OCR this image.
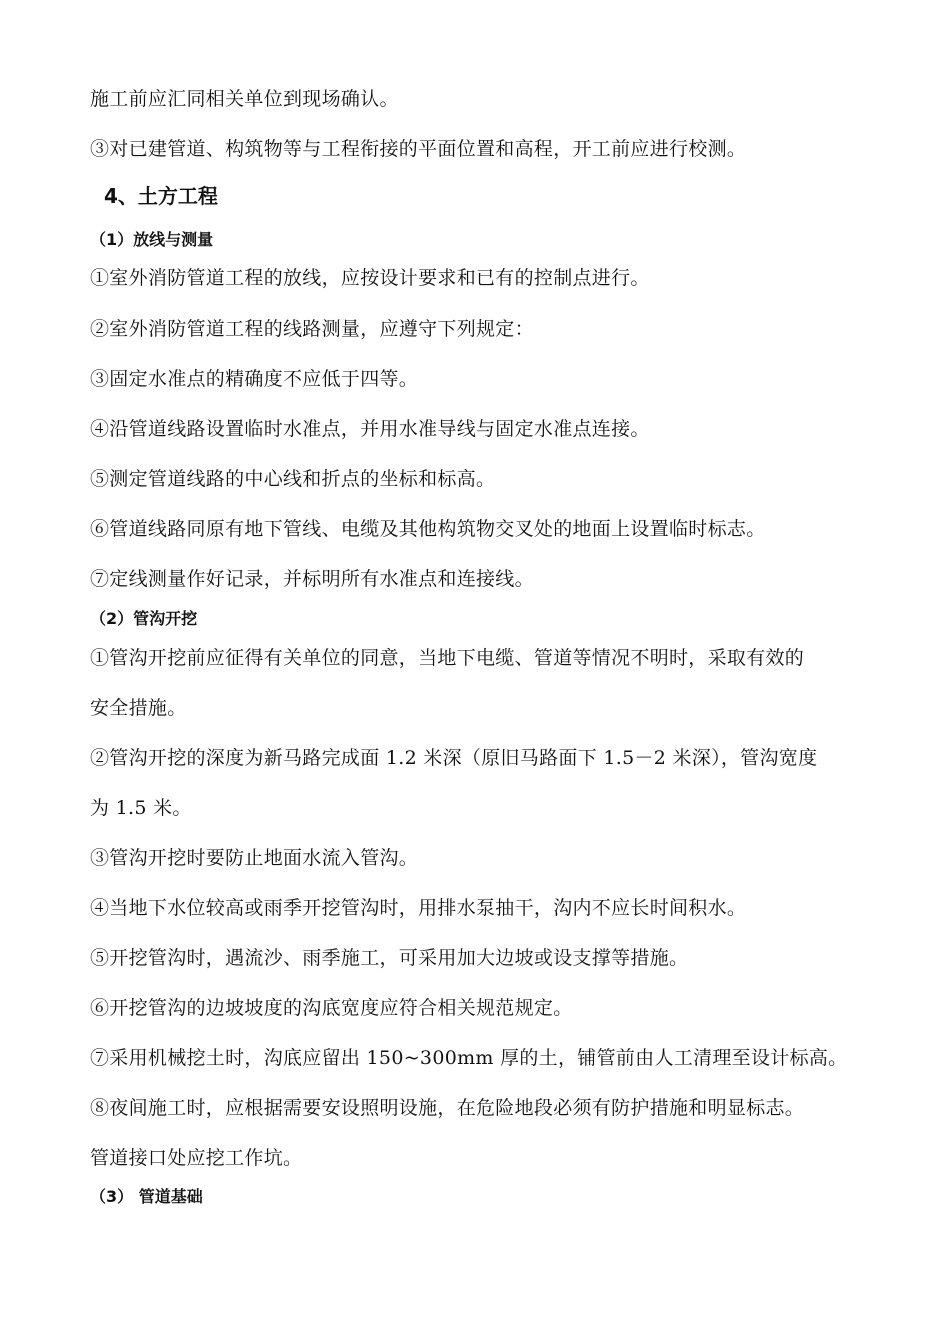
施工前应汇同相关单位到现场确认。
③对已建管道、构筑物等与工程衔接的平面位置和高程，开工前应进行校测。
4、土方工程
（1）放线与测量
①室外消防管道工程的放线，应按设计要求和已有的控制点进行。
②室外消防管道工程的线路测量，应遵守下列规定：
③固定水准点的精确度不应低于四等。
④沿管道线路设置临时水准点，并用水准导线与固定水准点连接。
⑤测定管道线路的中心线和折点的坐标和标高。
⑥管道线路同原有地下管线、电缆及其他构筑物交叉处的地面上设置临时标志。
⑦定线测量作好记录，并标明所有水准点和连接线。
（2）管沟开挖
①管沟开挖前应征得有关单位的同意，当地下电缆、管道等情况不明时，采取有效的
安全措施。
②管沟开挖的深度为新马路完成面 1.2 米深（原旧马路面下 1.5－2 米深），管沟宽度
为 1.5 米。
③管沟开挖时要防止地面水流入管沟。
④当地下水位较高或雨季开挖管沟时，用排水泵抽干，沟内不应长时间积水。
⑤开挖管沟时，遇流沙、雨季施工，可采用加大边坡或设支撑等措施。
⑥开挖管沟的边坡坡度的沟底宽度应符合相关规范规定。
⑦采用机械挖土时，沟底应留出 150~300mm 厚的土，铺管前由人工清理至设计标高。
⑧夜间施工时，应根据需要安设照明设施，在危险地段必须有防护措施和明显标志。
管道接口处应挖工作坑。
（3） 管道基础
